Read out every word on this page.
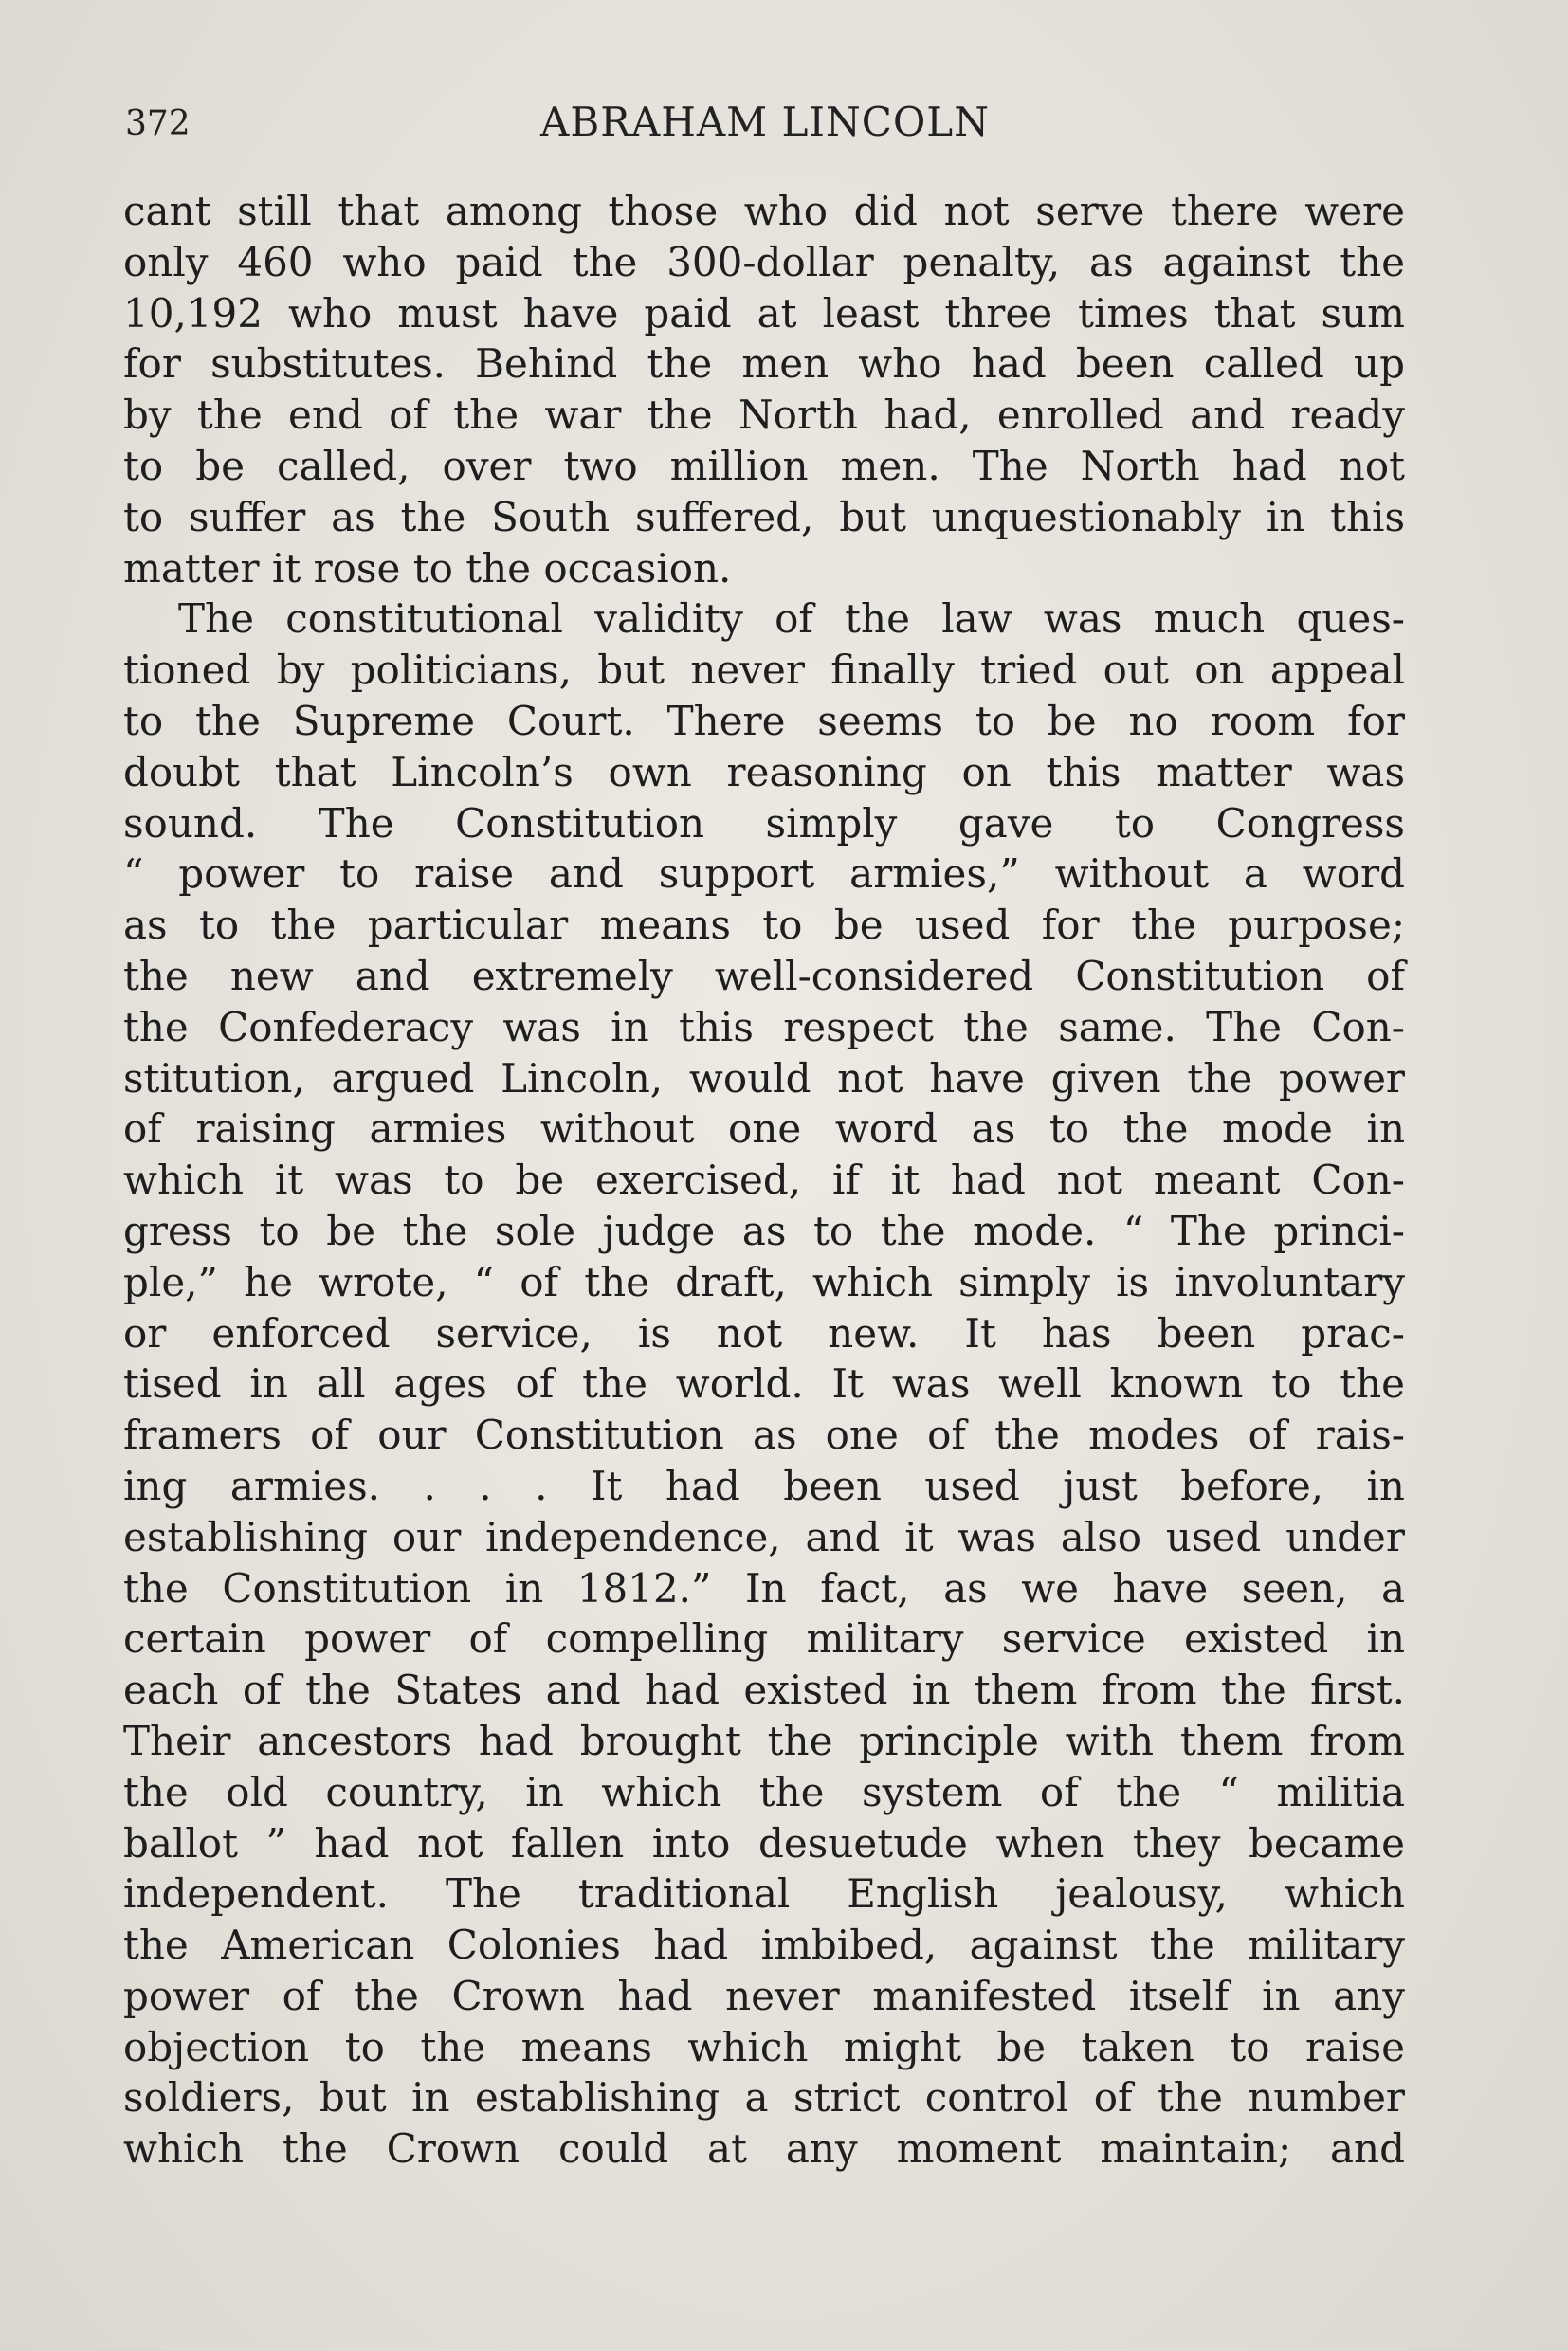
372	ABRAHAM LINCOLN
cant still that among those who did not serve there were
only 460 who paid the 300-dollar penalty, as against the
10,192 who must have paid at least three times that sum
for substitutes. Behind the men who had been called up
by the end of the war the North had, enrolled and ready
to be called, over two million men. The North had not
to suffer as the South suffered, but unquestionably in this
matter it rose to the occasion.
The constitutional validity of the law was much ques-
tioned by politicians, but never finally tried out on appeal
to the Supreme Court. There seems to be no room for
doubt that Lincoln’s own reasoning on this matter was
sound. The Constitution simply gave to Congress
“ power to raise and support armies,” without a word
as to the particular means to be used for the purpose;
the new and extremely well-considered Constitution of
the Confederacy was in this respect the same. The Con-
stitution, argued Lincoln, would not have given the power
of raising armies without one word as to the mode in
which it was to be exercised, if it had not meant Con-
gress to be the sole judge as to the mode. “ The princi-
ple,” he wrote, “ of the draft, which simply is involuntary
or enforced service, is not new. It has been prac-
tised in all ages of the world. It was well known to the
framers of our Constitution as one of the modes of rais-
ing armies. . . . It had been used just before, in
establishing our independence, and it was also used under
the Constitution in 1812.” In fact, as we have seen, a
certain power of compelling military service existed in
each of the States and had existed in them from the first.
Their ancestors had brought the principle with them from
the old country, in which the system of the “ militia
ballot ” had not fallen into desuetude when they became
independent. The traditional English jealousy, which
the American Colonies had imbibed, against the military
power of the Crown had never manifested itself in any
objection to the means which might be taken to raise
soldiers, but in establishing a strict control of the number
which the Crown could at any moment maintain; and
